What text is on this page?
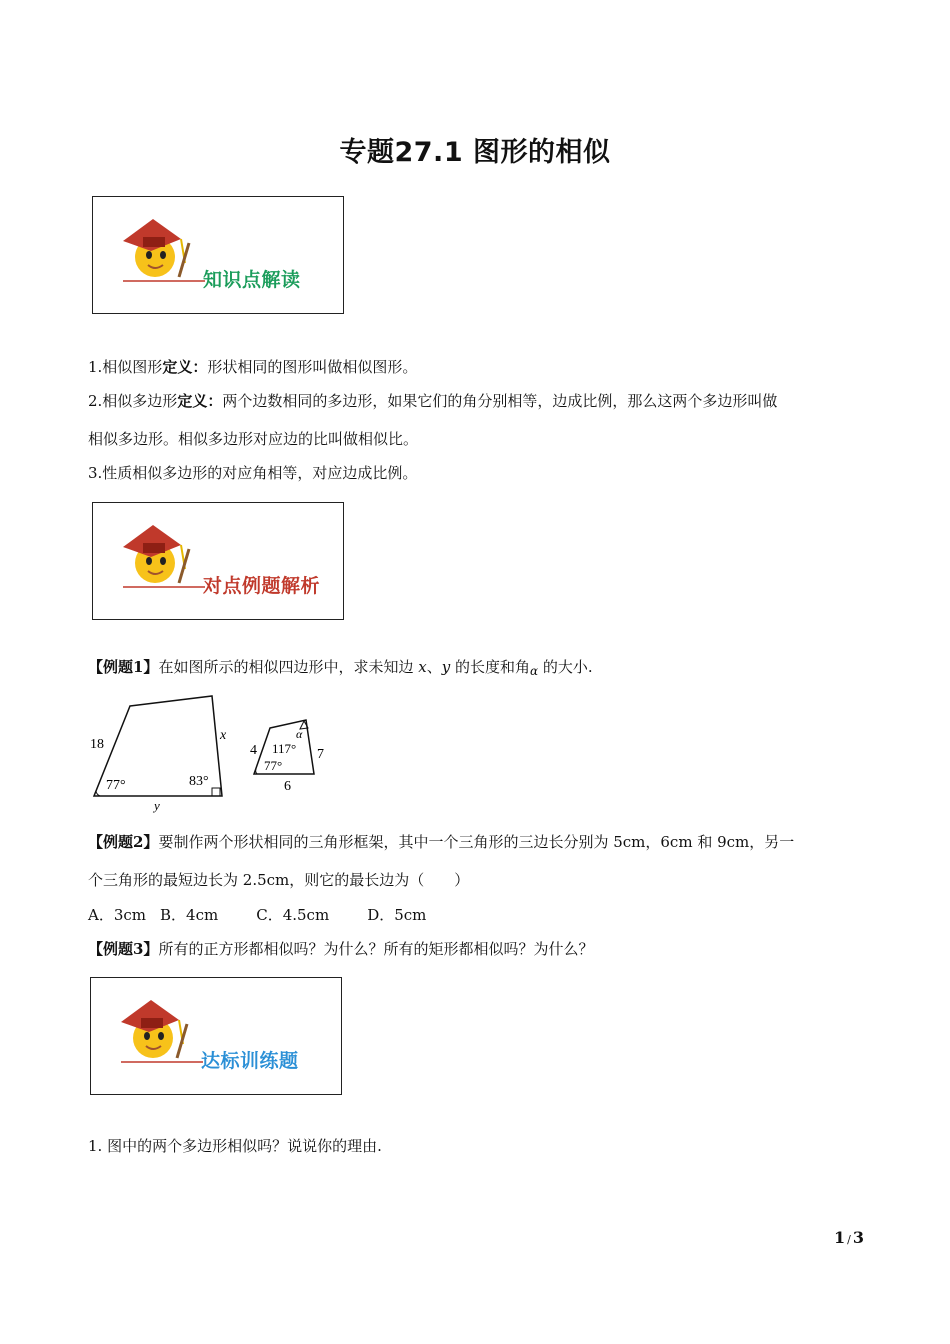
专题27.1 图形的相似
知识点解读
1.相似图形定义：形状相同的图形叫做相似图形。
2.相似多边形定义：两个边数相同的多边形，如果它们的角分别相等，边成比例，那么这两个多边形叫做
相似多边形。相似多边形对应边的比叫做相似比。
3.性质相似多边形的对应角相等，对应边成比例。
对点例题解析
【例题1】在如图所示的相似四边形中，求未知边 x、y 的长度和角$_\alpha$ 的大小.
18
x
y
77°	83°
4	7
6
117°
77°
α
【例题2】要制作两个形状相同的三角形框架，其中一个三角形的三边长分别为 5cm，6cm 和 9cm，另一
个三角形的最短边长为 2.5cm，则它的最长边为（　　）
A．3cm B．4cm	C．4.5cm	D．5cm
【例题3】所有的正方形都相似吗？为什么？所有的矩形都相似吗？为什么？
达标训练题
1. 图中的两个多边形相似吗？说说你的理由.
1 / 3
